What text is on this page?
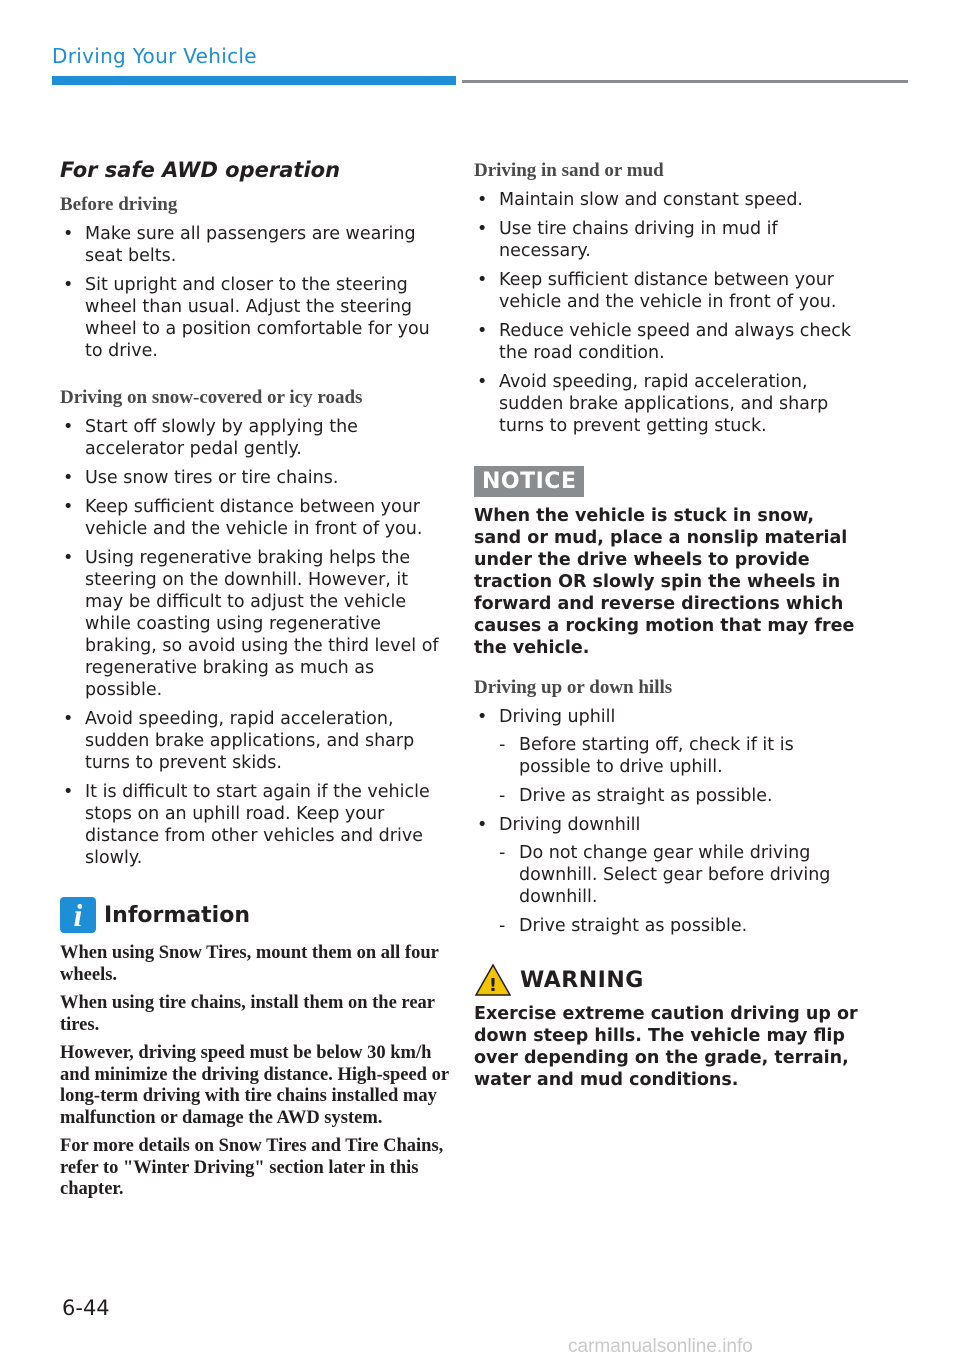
Driving Your Vehicle
For safe AWD operation
Before driving
• Make sure all passengers are wearing seat belts.
• Sit upright and closer to the steering wheel than usual. Adjust the steering wheel to a position comfortable for you to drive.
Driving on snow-covered or icy roads
• Start off slowly by applying the accelerator pedal gently.
• Use snow tires or tire chains.
• Keep sufficient distance between your vehicle and the vehicle in front of you.
• Using regenerative braking helps the steering on the downhill. However, it may be difficult to adjust the vehicle while coasting using regenerative braking, so avoid using the third level of regenerative braking as much as possible.
• Avoid speeding, rapid acceleration, sudden brake applications, and sharp turns to prevent skids.
• It is difficult to start again if the vehicle stops on an uphill road. Keep your distance from other vehicles and drive slowly.
i Information

When using Snow Tires, mount them on all four wheels.

When using tire chains, install them on the rear tires.

However, driving speed must be below 30 km/h and minimize the driving distance. High-speed or long-term driving with tire chains installed may malfunction or damage the AWD system.

For more details on Snow Tires and Tire Chains, refer to "Winter Driving" section later in this chapter.

Driving in sand or mud
• Maintain slow and constant speed.
• Use tire chains driving in mud if necessary.
• Keep sufficient distance between your vehicle and the vehicle in front of you.
• Reduce vehicle speed and always check the road condition.
• Avoid speeding, rapid acceleration, sudden brake applications, and sharp turns to prevent getting stuck.
NOTICE

When the vehicle is stuck in snow, sand or mud, place a nonslip material under the drive wheels to provide traction OR slowly spin the wheels in forward and reverse directions which causes a rocking motion that may free the vehicle.

Driving up or down hills
• Driving uphill
- Before starting off, check if it is possible to drive uphill.
- Drive as straight as possible.
• Driving downhill
- Do not change gear while driving downhill. Select gear before driving downhill.
- Drive straight as possible.
! WARNING

Exercise extreme caution driving up or down steep hills. The vehicle may flip over depending on the grade, terrain, water and mud conditions.

6-44
carmanualsonline.info
